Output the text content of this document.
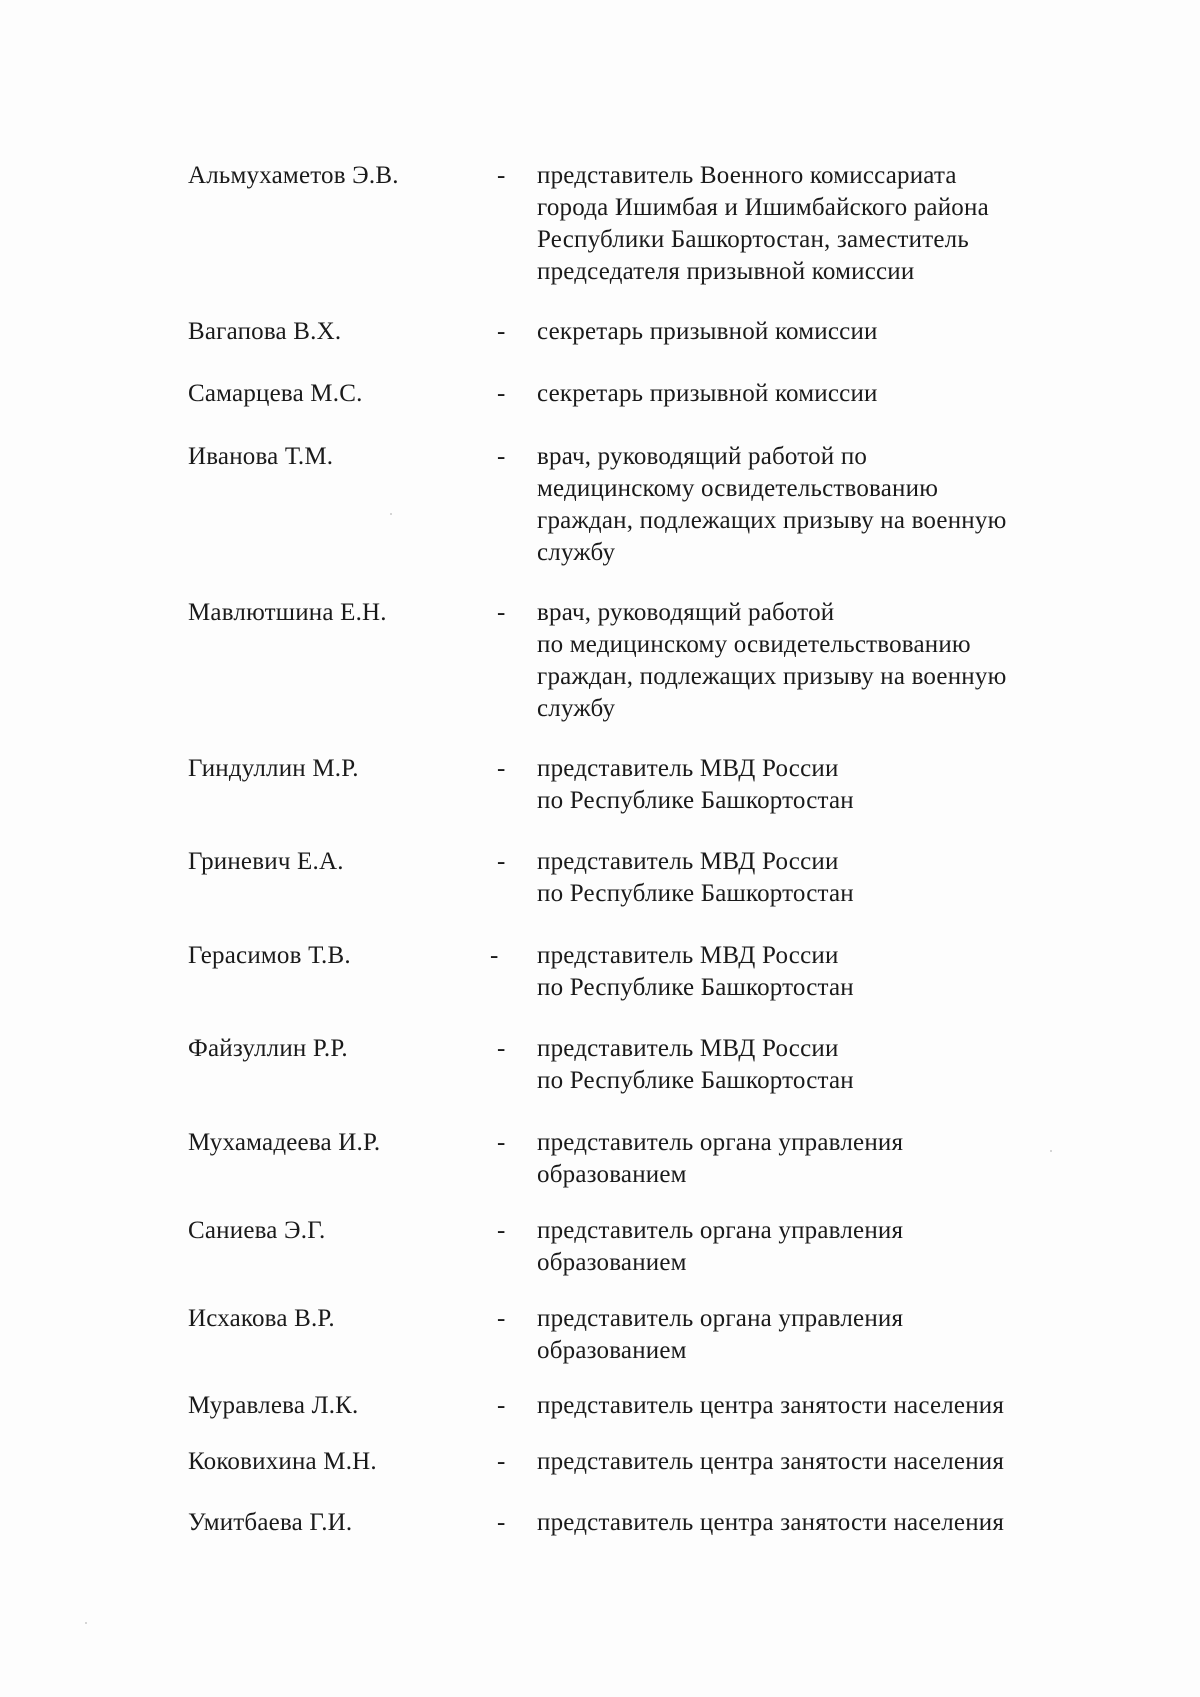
Альмухаметов Э.В.	- представитель Военного комиссариата
города Ишимбая и Ишимбайского района
Республики Башкортостан, заместитель
председателя призывной комиссии
Вагапова В.Х.	- секретарь призывной комиссии
Самарцева М.С.	- секретарь призывной комиссии
Иванова Т.М.	- врач, руководящий работой по
медицинскому освидетельствованию
граждан, подлежащих призыву на военную
службу
Мавлютшина Е.Н.	- врач, руководящий работой
по медицинскому освидетельствованию
граждан, подлежащих призыву на военную
службу
Гиндуллин М.Р.	- представитель МВД России
по Республике Башкортостан
Гриневич Е.А.	- представитель МВД России
по Республике Башкортостан
Герасимов Т.В.	- представитель МВД России
по Республике Башкортостан
Файзуллин Р.Р.	- представитель МВД России
по Республике Башкортостан
Мухамадеева И.Р.	- представитель органа управления
образованием
Саниева Э.Г.	- представитель органа управления
образованием
Исхакова В.Р.	- представитель органа управления
образованием
Муравлева Л.К.	- представитель центра занятости населения
Коковихина М.Н.	- представитель центра занятости населения
Умитбаева Г.И.	- представитель центра занятости населения
